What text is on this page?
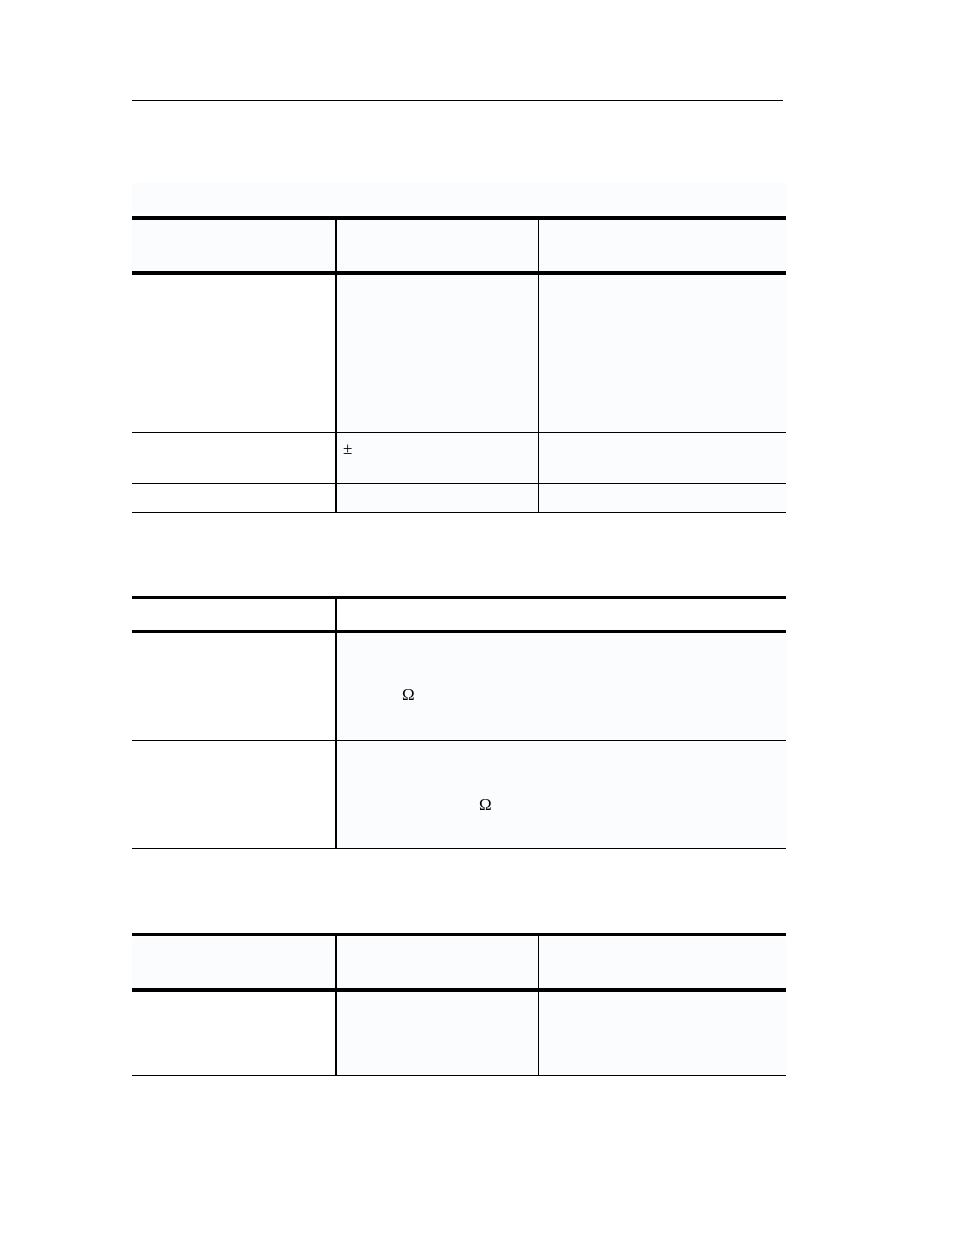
±
Ω
Ω
